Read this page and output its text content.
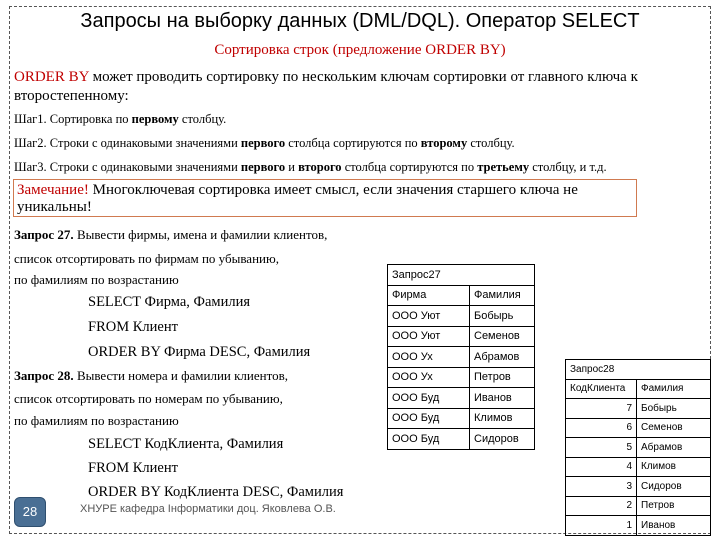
Запросы на выборку данных (DML/DQL). Оператор SELECT
Сортировка строк (предложение ORDER BY)
ORDER BY может проводить сортировку по нескольким ключам сортировки от главного ключа к второстепенному:
Шаг1. Сортировка по первому столбцу.
Шаг2. Строки с одинаковыми значениями первого столбца сортируются по второму столбцу.
Шаг3. Строки с одинаковыми значениями первого и второго столбца сортируются по третьему столбцу, и т.д.
Замечание! Многоключевая сортировка имеет смысл, если значения старшего ключа не уникальны!
Запрос 27. Вывести фирмы, имена и фамилии клиентов,
список отсортировать по фирмам по убыванию,
по фамилиям по возрастанию
SELECT Фирма, Фамилия
FROM Клиент
ORDER BY Фирма DESC, Фамилия
Запрос 28. Вывести номера и фамилии клиентов,
список отсортировать по номерам по убыванию,
по фамилиям по возрастанию
SELECT КодКлиента, Фамилия
FROM Клиент
ORDER BY КодКлиента DESC, Фамилия
Запрос27	
Фирма	Фамилия
ООО Уют	Бобырь
ООО Уют	Семенов
ООО Ух	Абрамов
ООО Ух	Петров
ООО Буд	Иванов
ООО Буд	Климов
ООО Буд	Сидоров
Запрос28	
КодКлиента	Фамилия
7	Бобырь
6	Семенов
5	Абрамов
4	Климов
3	Сидоров
2	Петров
1	Иванов
28	ХНУРЕ кафедра Інформатики доц. Яковлева О.В.
